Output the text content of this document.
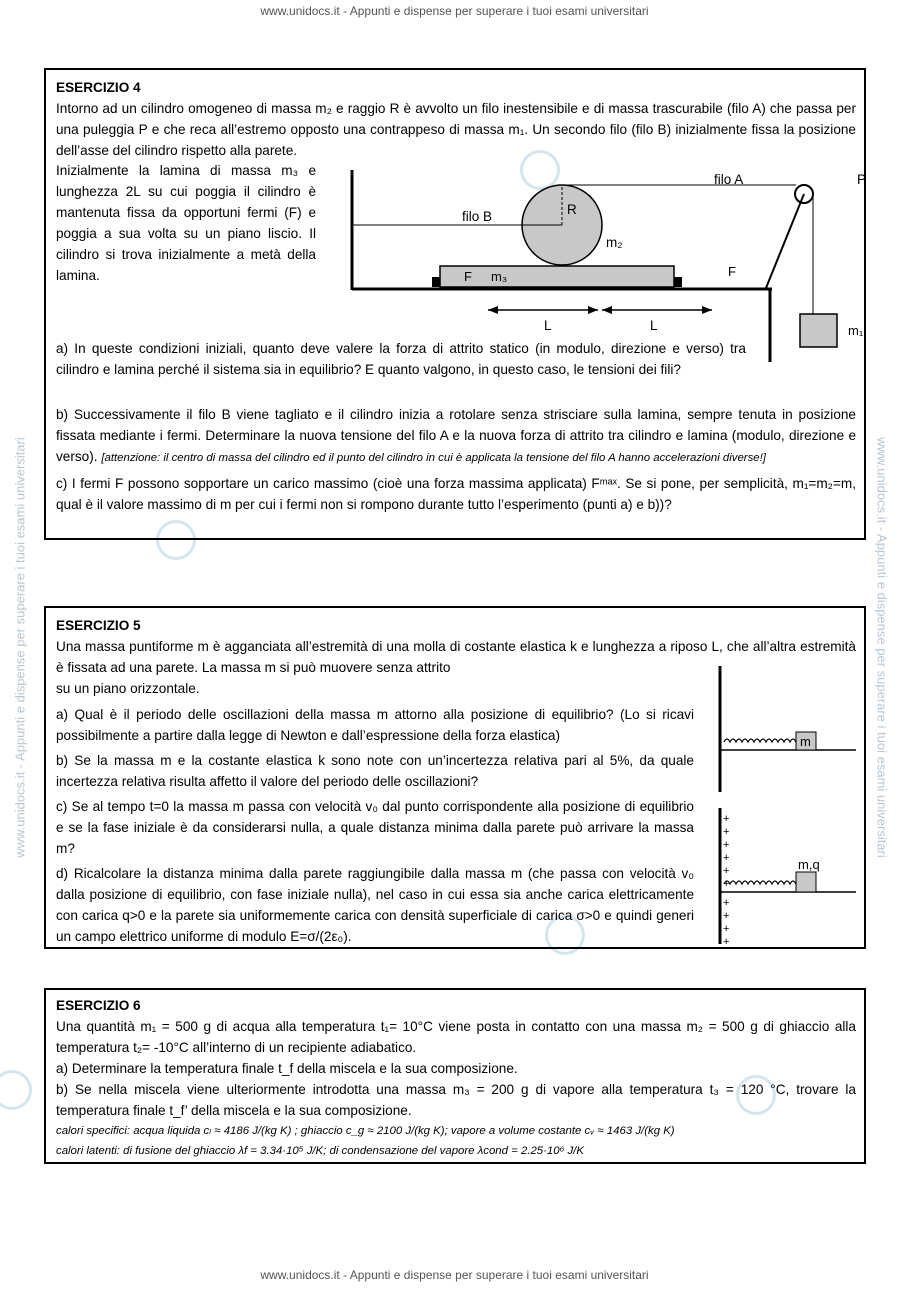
www.unidocs.it - Appunti e dispense per superare i tuoi esami universitari
www.unidocs.it - Appunti e dispense per superare i tuoi esami universitari
www.unidocs.it - Appunti e dispense per superare i tuoi esami universitari	www.unidocs.it - Appunti e dispense per superare i tuoi esami universitari
ESERCIZIO 4

Intorno ad un cilindro omogeneo di massa m₂ e raggio R è avvolto un filo inestensibile e di massa trascurabile (filo A) che passa per una puleggia P e che reca all’estremo opposto una contrappeso di massa m₁. Un secondo filo (filo B) inizialmente fissa la posizione dell’asse del cilindro rispetto alla parete.

Inizialmente la lamina di massa m₃ e lunghezza 2L su cui poggia il cilindro è mantenuta fissa da opportuni fermi (F) e poggia a sua volta su un piano liscio. Il cilindro si trova inizialmente a metà della lamina.

filo A	P
filo B	R
m₂
m₃
F	F
L	L	m₁

a) In queste condizioni iniziali, quanto deve valere la forza di attrito statico (in modulo, direzione e verso) tra cilindro e lamina perché il sistema sia in equilibrio? E quanto valgono, in questo caso, le tensioni dei fili?

b) Successivamente il filo B viene tagliato e il cilindro inizia a rotolare senza strisciare sulla lamina, sempre tenuta in posizione fissata mediante i fermi. Determinare la nuova tensione del filo A e la nuova forza di attrito tra cilindro e lamina (modulo, direzione e verso). [attenzione: il centro di massa del cilindro ed il punto del cilindro in cui è applicata la tensione del filo A hanno accelerazioni diverse!]

c) I fermi F possono sopportare un carico massimo (cioè una forza massima applicata) Fᵐᵃˣ. Se si pone, per semplicità, m₁=m₂=m, qual è il valore massimo di m per cui i fermi non si rompono durante tutto l’esperimento (punti a) e b))?

ESERCIZIO 5

Una massa puntiforme m è agganciata all’estremità di una molla di costante elastica k e lunghezza a riposo L, che all’altra estremità è fissata ad una parete. La massa m si può muovere senza attrito

su un piano orizzontale.

a) Qual è il periodo delle oscillazioni della massa m attorno alla posizione di equilibrio? (Lo si ricavi possibilmente a partire dalla legge di Newton e dall’espressione della forza elastica)

b) Se la massa m e la costante elastica k sono note con un’incertezza relativa pari al 5%, da quale incertezza relativa risulta affetto il valore del periodo delle oscillazioni?

c) Se al tempo t=0 la massa m passa con velocità v₀ dal punto corrispondente alla posizione di equilibrio e se la fase iniziale è da considerarsi nulla, a quale distanza minima dalla parete può arrivare la massa m?

d) Ricalcolare la distanza minima dalla parete raggiungibile dalla massa m (che passa con velocità v₀ dalla posizione di equilibrio, con fase iniziale nulla), nel caso in cui essa sia anche carica elettricamente con carica q>0 e la parete sia uniformemente carica con densità superficiale di carica σ>0 e quindi generi un campo elettrico uniforme di modulo E=σ/(2ε₀).

m
m,q
+
+
+
+
+
+
+
+
+
+
ESERCIZIO 6

Una quantità m₁ = 500 g di acqua alla temperatura t₁= 10°C viene posta in contatto con una massa m₂ = 500 g di ghiaccio alla temperatura t₂= -10°C all’interno di un recipiente adiabatico.

a) Determinare la temperatura finale t_f della miscela e la sua composizione.

b) Se nella miscela viene ulteriormente introdotta una massa m₃ = 200 g di vapore alla temperatura t₃ = 120 °C, trovare la temperatura finale t_f’ della miscela e la sua composizione.

calori specifici: acqua liquida cₗ ≈ 4186 J/(kg K) ; ghiaccio c_g ≈ 2100 J/(kg K); vapore a volume costante cᵥ ≈ 1463 J/(kg K)
calori latenti: di fusione del ghiaccio λf = 3.34·10⁵ J/K; di condensazione del vapore λcond = 2.25·10⁶ J/K
